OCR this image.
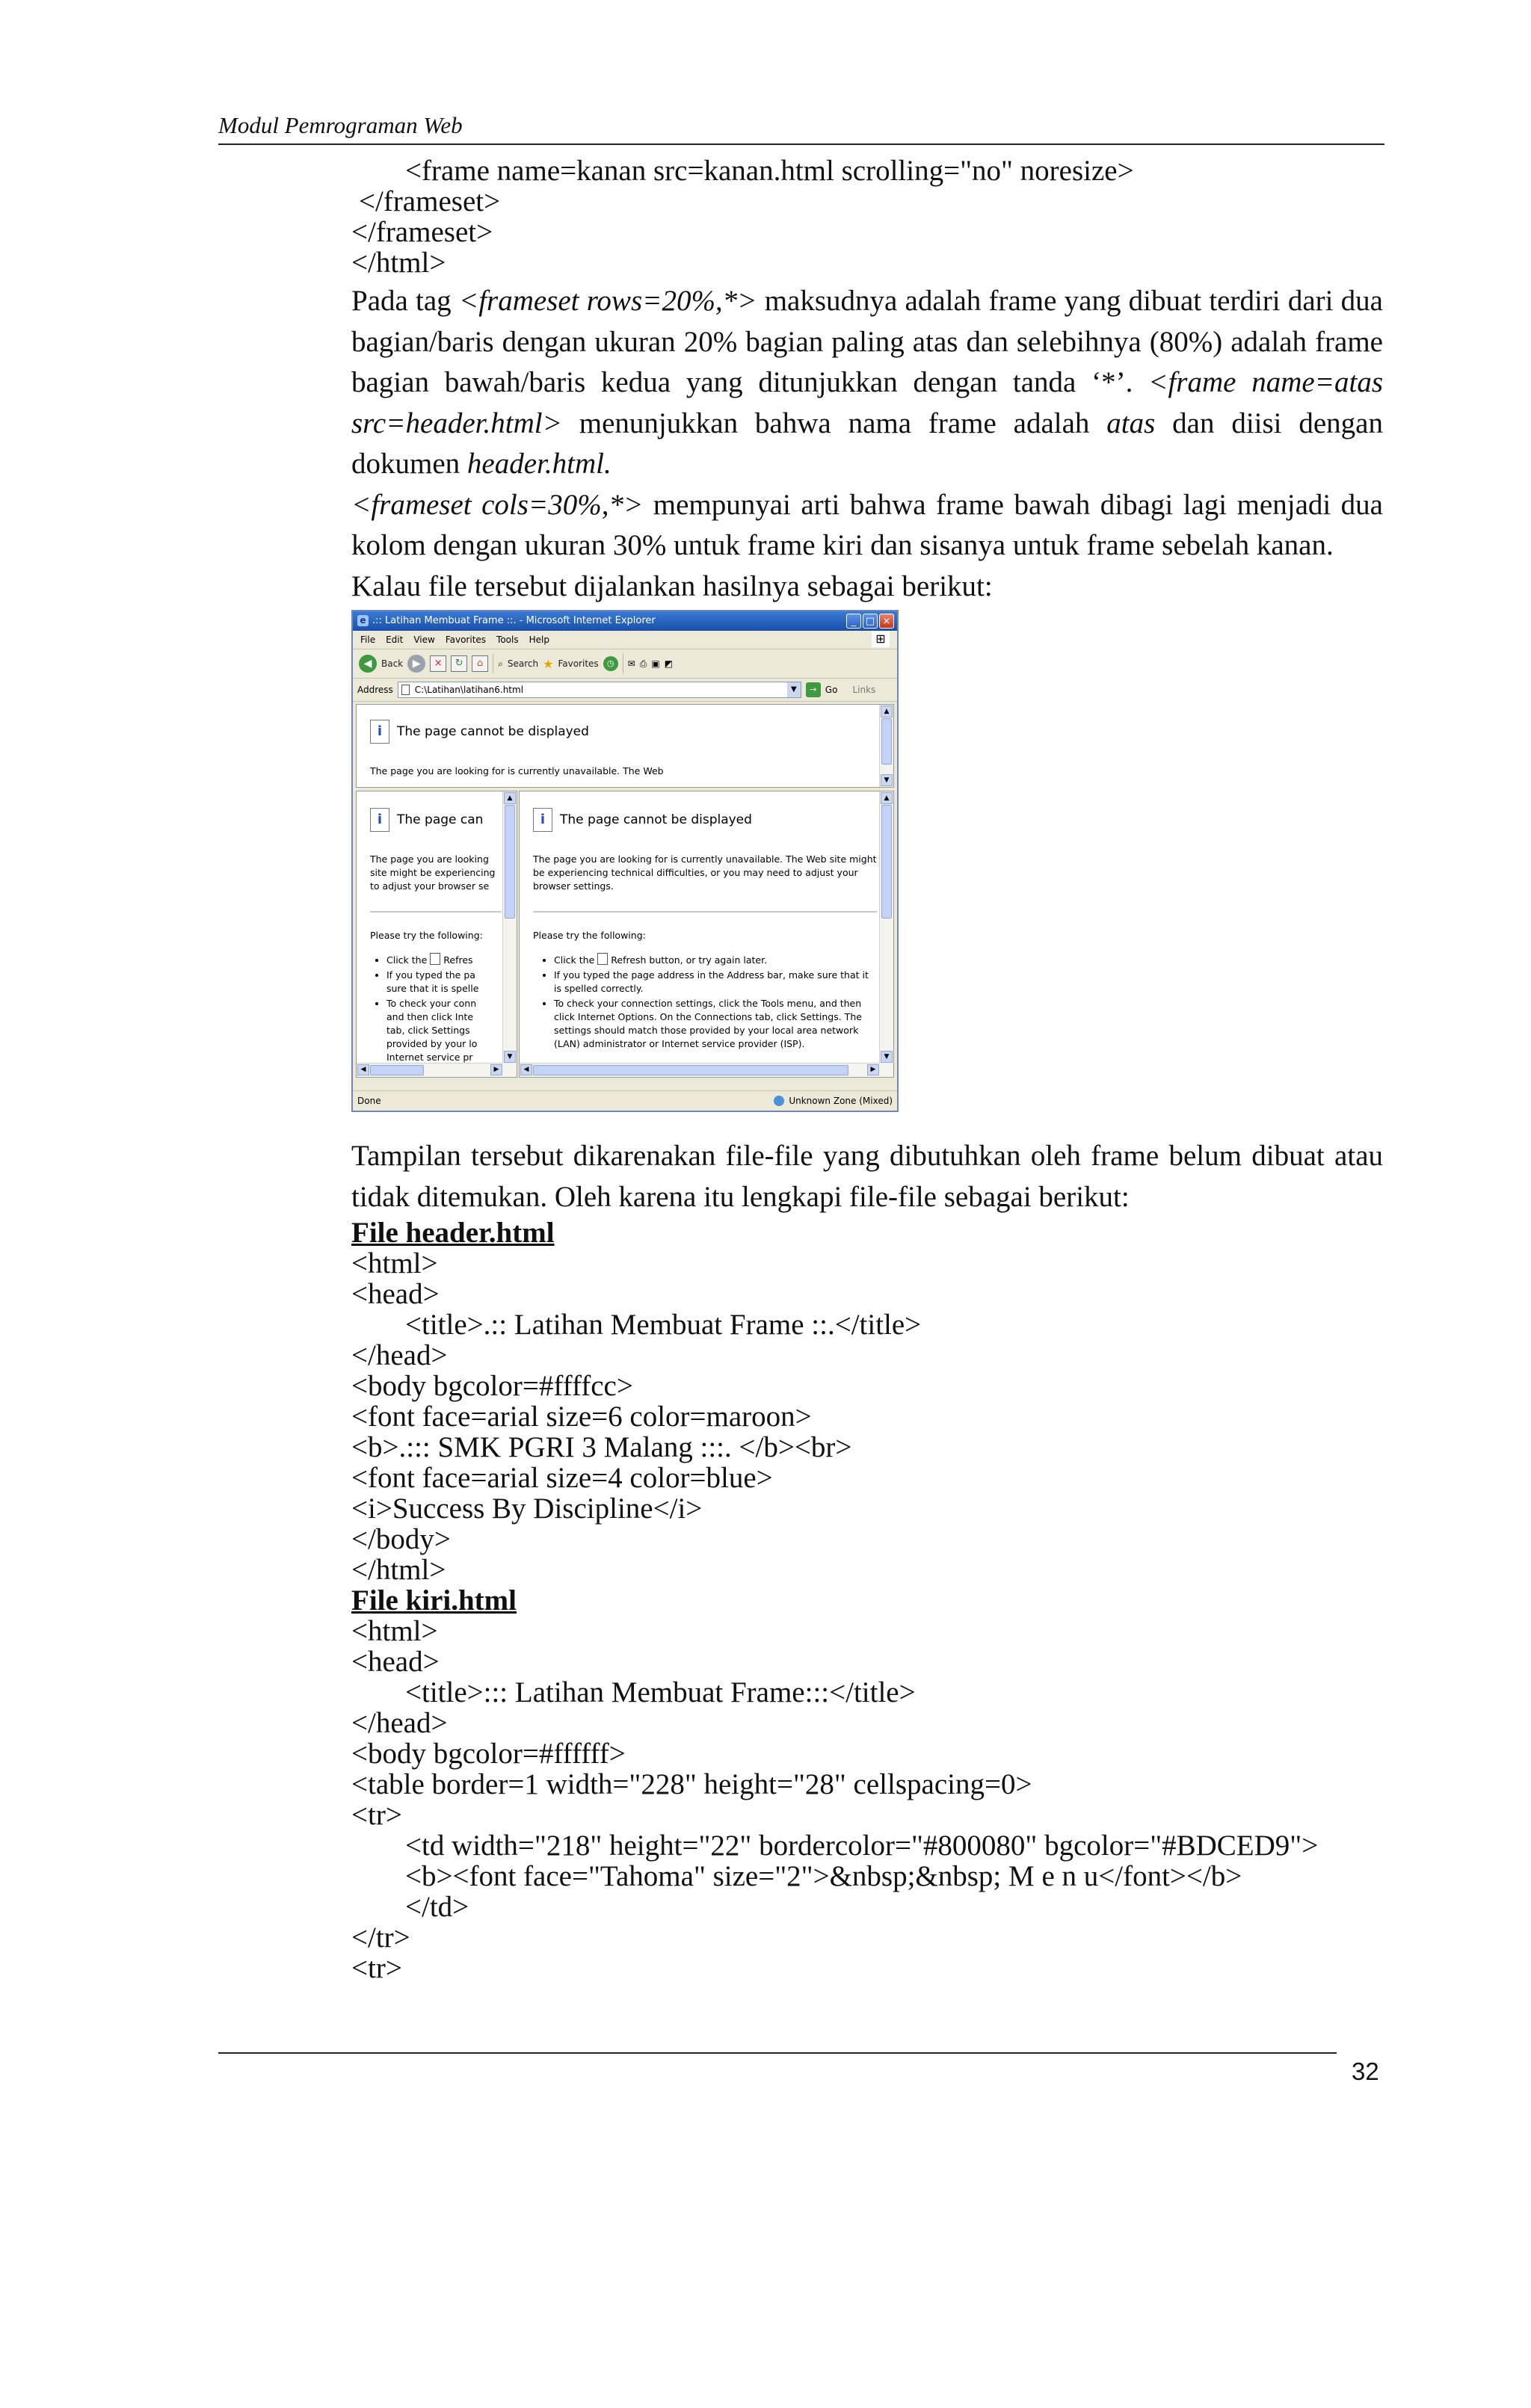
Modul Pemrograman Web
<frame name=kanan src=kanan.html scrolling="no" noresize>
</frameset>
</frameset>
</html>

Pada tag <frameset rows=20%,*> maksudnya adalah frame yang dibuat terdiri dari dua bagian/baris dengan ukuran 20% bagian paling atas dan selebihnya (80%) adalah frame bagian bawah/baris kedua yang ditunjukkan dengan tanda ‘*’. <frame name=atas src=header.html> menunjukkan bahwa nama frame adalah atas dan diisi dengan dokumen header.html.

<frameset cols=30%,*> mempunyai arti bahwa frame bawah dibagi lagi menjadi dua kolom dengan ukuran 30% untuk frame kiri dan sisanya untuk frame sebelah kanan.

Kalau file tersebut dijalankan hasilnya sebagai berikut:

e .:: Latihan Membuat Frame ::. - Microsoft Internet Explorer	_ □ ×
File Edit View Favorites Tools Help	⊞
◀	Back ▶	×	↻	⌂	⌕ Search ★ Favorites	◷	✉ ⎙ ▣ ◩
Address	C:\Latihan\latihan6.html	▼	→ Go Links
i	The page cannot be displayed
The page you are looking for is currently unavailable. The Web
▲
▼
i	The page can
The page you are looking
site might be experiencing
to adjust your browser se
Please try the following:
• Click the Refres
• If you typed the pa
sure that it is spelle
• To check your conn
and then click Inte
tab, click Settings
provided by your lo
Internet service pr
▲
▼
◀	▶
i	The page cannot be displayed
The page you are looking for is currently unavailable. The Web site might be experiencing technical difficulties, or you may need to adjust your browser settings.
Please try the following:
• Click the Refresh button, or try again later.
• If you typed the page address in the Address bar, make sure that it is spelled correctly.
• To check your connection settings, click the Tools menu, and then click Internet Options. On the Connections tab, click Settings. The settings should match those provided by your local area network (LAN) administrator or Internet service provider (ISP).
▲
▼
◀	▶
Done	Unknown Zone (Mixed)

Tampilan tersebut dikarenakan file-file yang dibutuhkan oleh frame belum dibuat atau tidak ditemukan. Oleh karena itu lengkapi file-file sebagai berikut:

File header.html
<html>
<head>
<title>.:: Latihan Membuat Frame ::.</title>
</head>
<body bgcolor=#ffffcc>
<font face=arial size=6 color=maroon>
<b>.::: SMK PGRI 3 Malang :::. </b><br>
<font face=arial size=4 color=blue>
<i>Success By Discipline</i>
</body>
</html>
File kiri.html
<html>
<head>
<title>::: Latihan Membuat Frame:::</title>
</head>
<body bgcolor=#ffffff>
<table border=1 width="228" height="28" cellspacing=0>
<tr>
<td width="218" height="22" bordercolor="#800080" bgcolor="#BDCED9">
<b><font face="Tahoma" size="2">&nbsp;&nbsp; M e n u</font></b>
</td>
</tr>
<tr>
32
